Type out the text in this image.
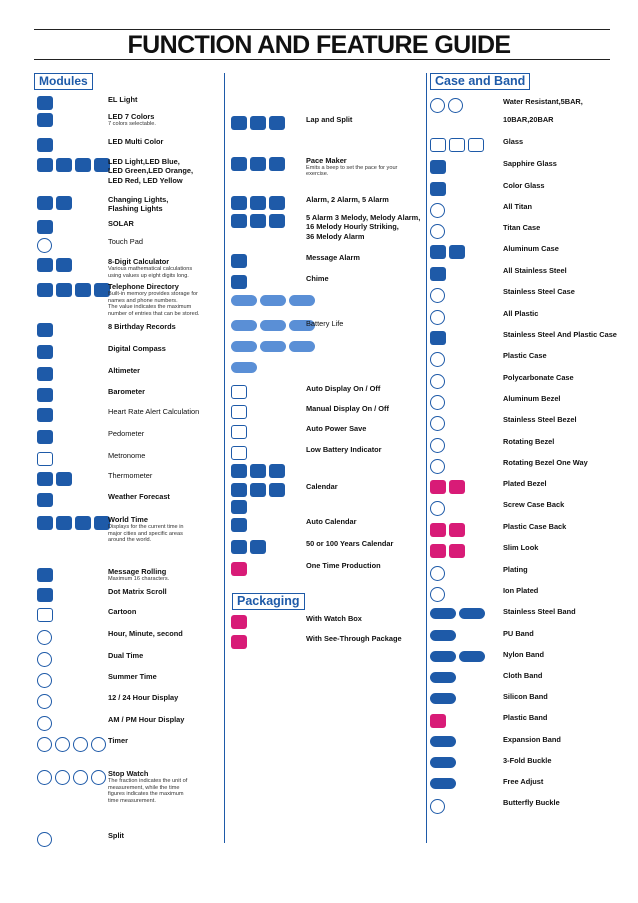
FUNCTION AND FEATURE GUIDE
Modules	Case and Band
Packaging
EL Light
LED 7 Colors
7 colors selectable.
LED Multi Color
LED Light,LED Blue,
LED Green,LED Orange,
LED Red, LED Yellow
Changing Lights,
Flashing Lights
SOLAR
Touch Pad
8-Digit Calculator
Various mathematical calculations
using values up eight digits long.
Telephone Directory
Built-in memory provides storage for
names and phone numbers.
The value indicates the maximum
number of entries that can be stored.
8 Birthday Records
Digital Compass
Altimeter
Barometer
Heart Rate Alert Calculation
Pedometer
Metronome
Thermometer
Weather Forecast
World Time
Displays for the current time in
major cities and specific areas
around the world.
Message Rolling
Maximum 16 characters.
Dot Matrix Scroll
Cartoon
Hour, Minute, second
Dual Time
Summer Time
12 / 24 Hour Display
AM / PM Hour Display
Timer
Stop Watch
The fraction indicates the unit of
measurement, while the time
figures indicates the maximum
time measurement.
Split
Lap and Split
Pace Maker
Emits a beep to set the pace for your
exercise.
Alarm, 2 Alarm, 5 Alarm
5 Alarm 3 Melody, Melody Alarm,
16 Melody Hourly Striking,
36 Melody Alarm
Message Alarm
Chime
Battery Life
Auto Display On / Off
Manual Display On / Off
Auto Power Save
Low Battery Indicator
Calendar
Auto Calendar
50 or 100 Years Calendar
One Time Production
With Watch Box
With See-Through Package
Water Resistant,5BAR,
10BAR,20BAR
Glass
Sapphire Glass
Color Glass
All Titan
Titan Case
Aluminum Case
All Stainless Steel
Stainless Steel Case
All Plastic
Stainless Steel And Plastic Case
Plastic Case
Polycarbonate Case
Aluminum Bezel
Stainless Steel Bezel
Rotating Bezel
Rotating Bezel One Way
Plated Bezel
Screw Case Back
Plastic Case Back
Slim Look
Plating
Ion Plated
Stainless Steel Band
PU Band
Nylon Band
Cloth Band
Silicon Band
Plastic Band
Expansion Band
3-Fold Buckle
Free Adjust
Butterfly Buckle
